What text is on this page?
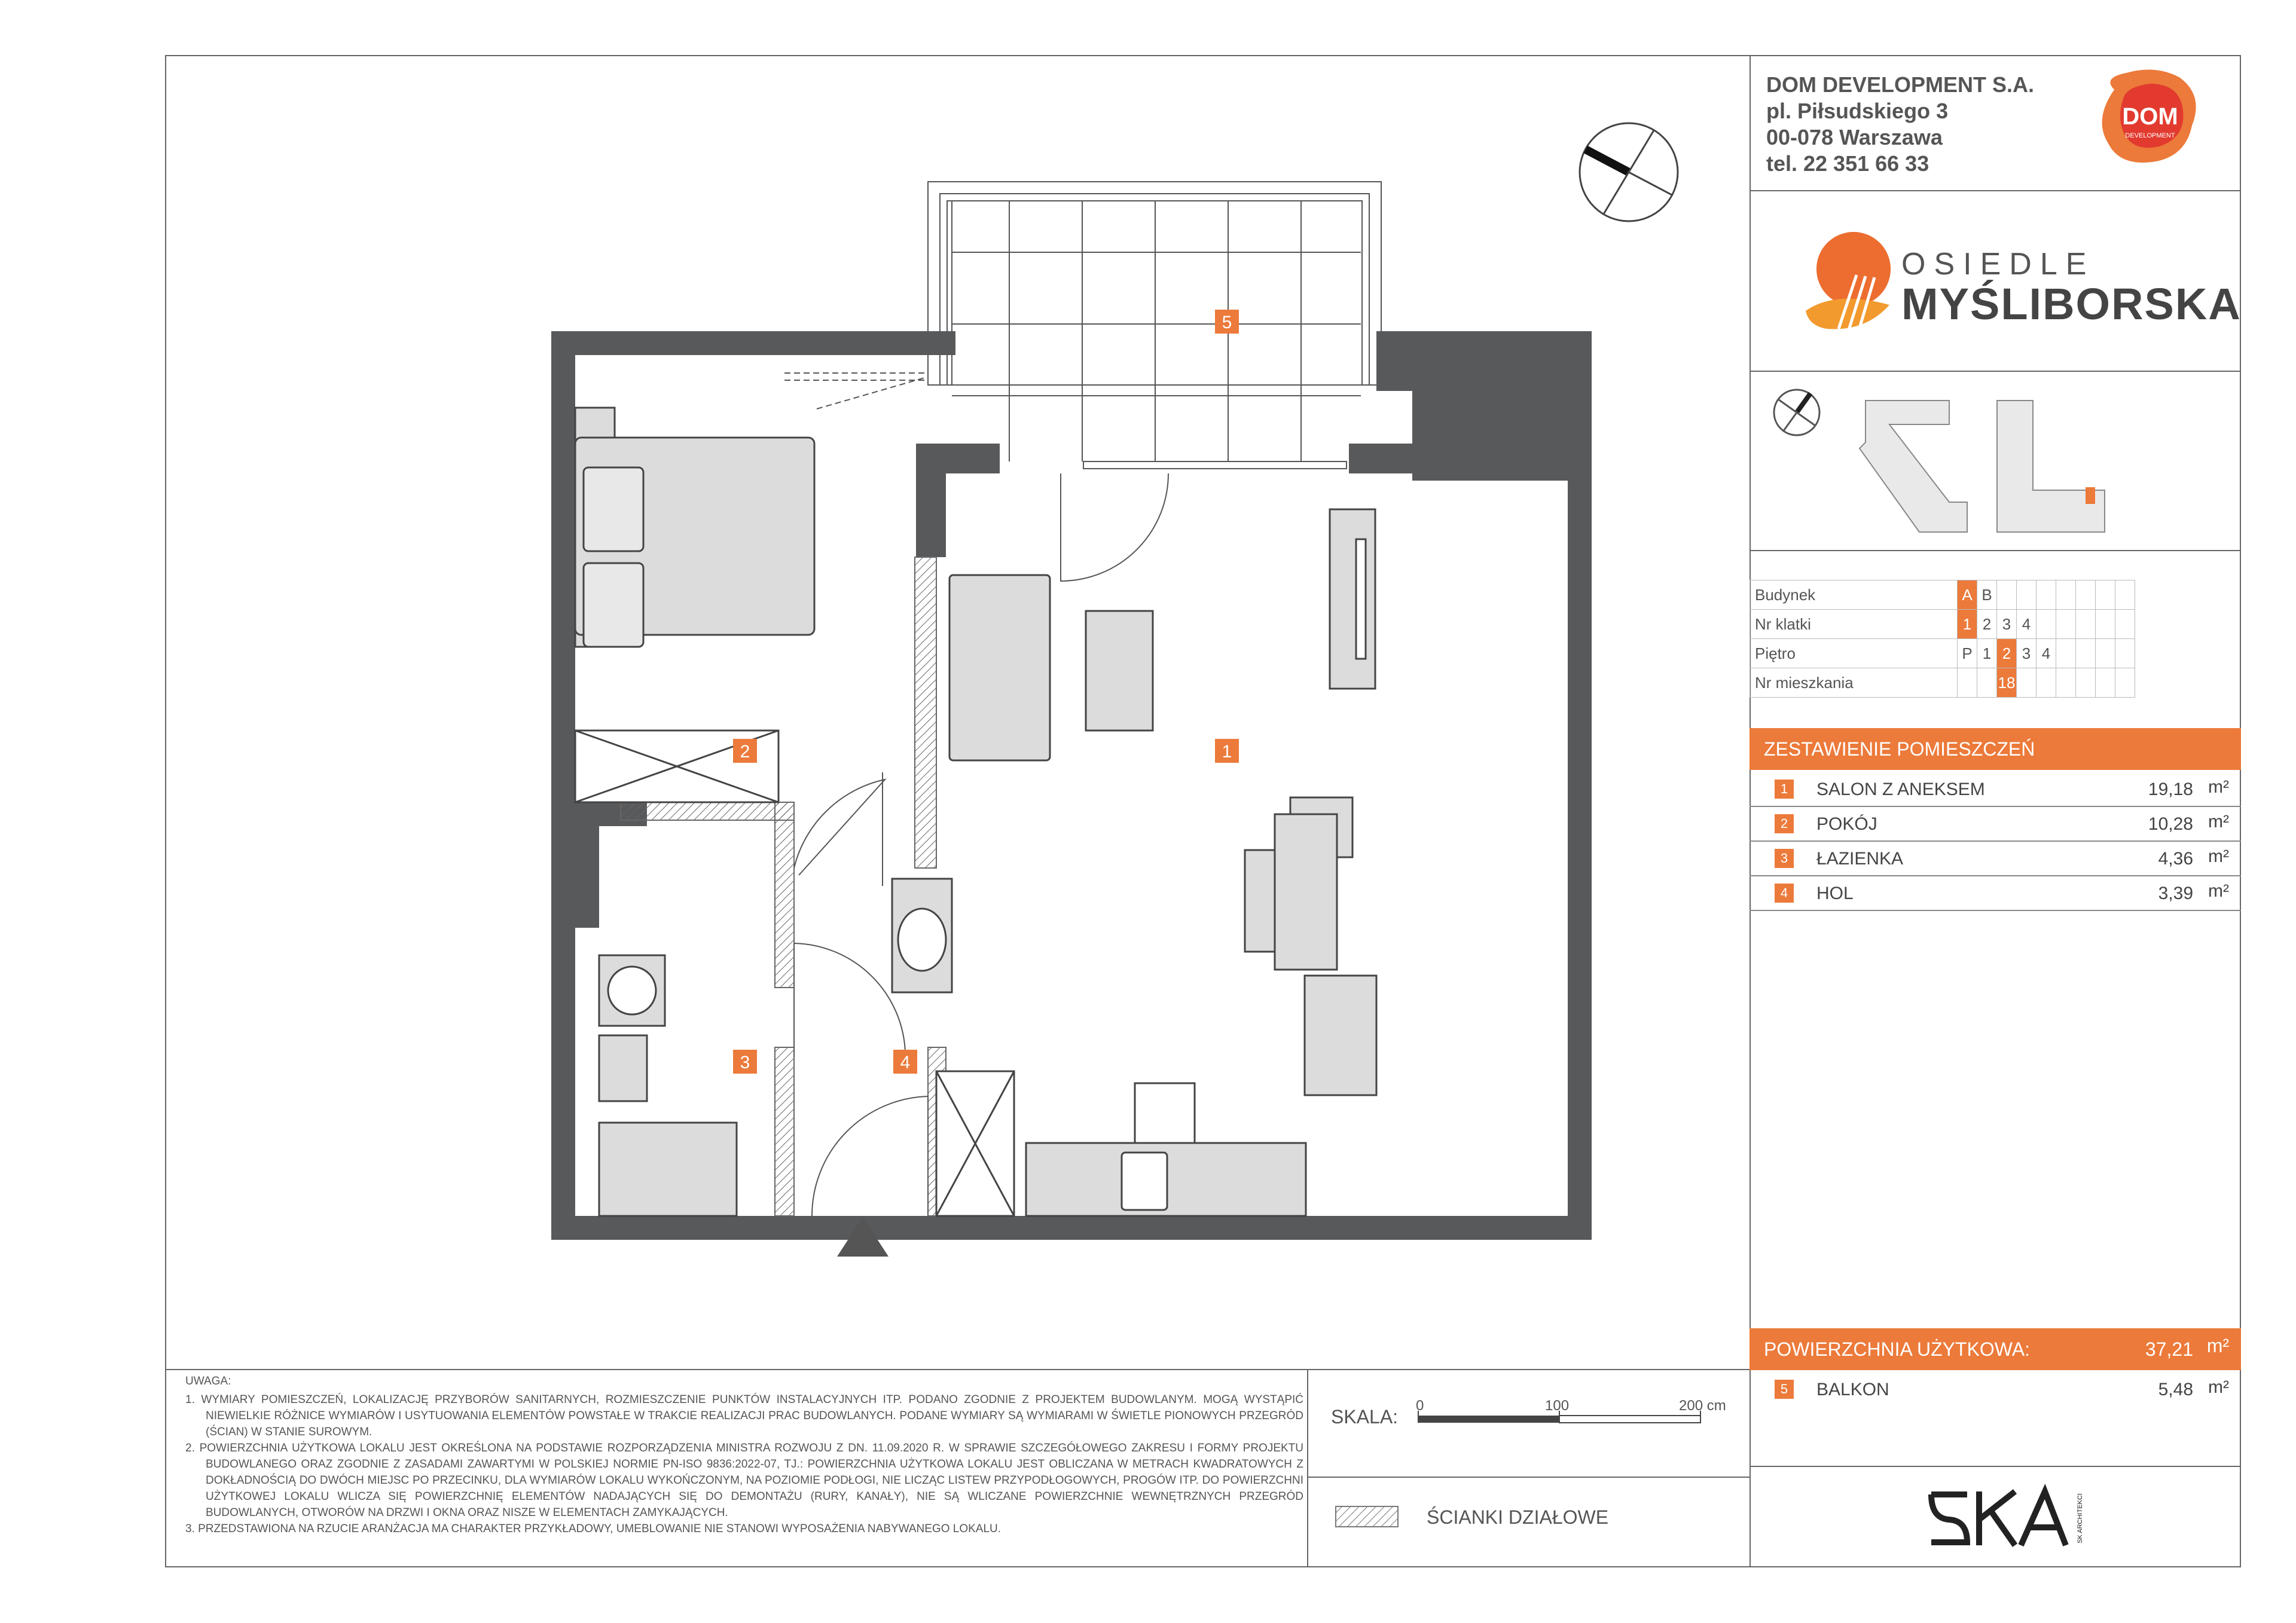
DOM DEVELOPMENT S.A.
pl. Piłsudskiego 3
00-078 Warszawa
tel. 22 351 66 33
DOM
DEVELOPMENT
OSIEDLE
MYŚLIBORSKA
Budynek	A	B							
Nr klatki	1	2	3	4					
Piętro	P	1	2	3	4				
Nr mieszkania			18						
ZESTAWIENIE POMIESZCZEŃ
1	SALON Z ANEKSEM	19,18 m²
2	POKÓJ	10,28 m²
3	ŁAZIENKA	4,36 m²
4	HOL	3,39 m²
POWIERZCHNIA UŻYTKOWA:	37,21 m²
5	BALKON	5,48 m²
SK ARCHITEKCI
UWAGA:

1. WYMIARY POMIESZCZEŃ, LOKALIZACJĘ PRZYBORÓW SANITARNYCH, ROZMIESZCZENIE PUNKTÓW INSTALACYJNYCH ITP. PODANO ZGODNIE Z PROJEKTEM BUDOWLANYM. MOGĄ WYSTĄPIĆ NIEWIELKIE RÓŻNICE WYMIARÓW I USYTUOWANIA ELEMENTÓW POWSTAŁE W TRAKCIE REALIZACJI PRAC BUDOWLANYCH. PODANE WYMIARY SĄ WYMIARAMI W ŚWIETLE PIONOWYCH PRZEGRÓD (ŚCIAN) W STANIE SUROWYM.

2. POWIERZCHNIA UŻYTKOWA LOKALU JEST OKREŚLONA NA PODSTAWIE ROZPORZĄDZENIA MINISTRA ROZWOJU Z DN. 11.09.2020 R. W SPRAWIE SZCZEGÓŁOWEGO ZAKRESU I FORMY PROJEKTU BUDOWLANEGO ORAZ ZGODNIE Z ZASADAMI ZAWARTYMI W POLSKIEJ NORMIE PN-ISO 9836:2022-07, TJ.: POWIERZCHNIA UŻYTKOWA LOKALU JEST OBLICZANA W METRACH KWADRATOWYCH Z DOKŁADNOŚCIĄ DO DWÓCH MIEJSC PO PRZECINKU, DLA WYMIARÓW LOKALU WYKOŃCZONYM, NA POZIOMIE PODŁOGI, NIE LICZĄC LISTEW PRZYPODŁOGOWYCH, PROGÓW ITP. DO POWIERZCHNI UŻYTKOWEJ LOKALU WLICZA SIĘ POWIERZCHNIĘ ELEMENTÓW NADAJĄCYCH SIĘ DO DEMONTAŻU (RURY, KANAŁY), NIE SĄ WLICZANE POWIERZCHNIE WEWNĘTRZNYCH PRZEGRÓD BUDOWLANYCH, OTWORÓW NA DRZWI I OKNA ORAZ NISZE W ELEMENTACH ZAMYKAJĄCYCH.

3. PRZEDSTAWIONA NA RZUCIE ARANŻACJA MA CHARAKTER PRZYKŁADOWY, UMEBLOWANIE NIE STANOWI WYPOSAŻENIA NABYWANEGO LOKALU.

SKALA:
0	100	200 cm
ŚCIANKI DZIAŁOWE
1
2
3	4
5
